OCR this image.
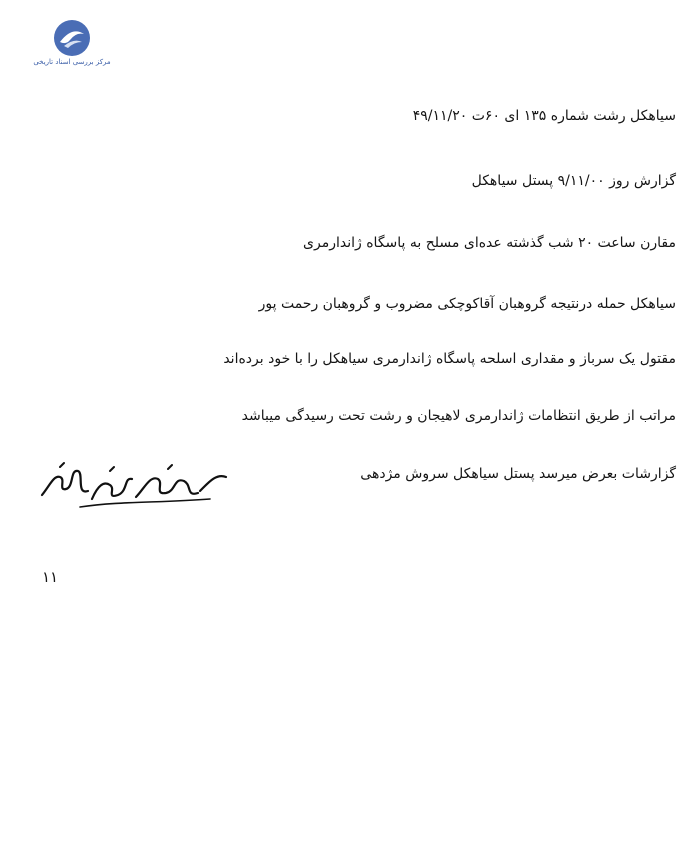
مرکز بررسی اسناد تاریخی
سیاهکل رشت شماره ۱۳۵ ای ۶۰ت ۴۹/۱۱/۲۰
گزارش روز ۹/۱۱/۰۰ پستل سیاهکل
مقارن ساعت ۲۰ شب گذشته عده‌ای مسلح به پاسگاه ژاندارمری
سیاهکل حمله درنتیجه گروهبان آقاکوچکی مضروب و گروهبان رحمت پور
مقتول یک سرباز و مقداری اسلحه پاسگاه ژاندارمری سیاهکل را با خود برده‌اند
مراتب از طریق انتظامات ژاندارمری لاهیجان و رشت تحت رسیدگی میباشد
گزارشات بعرض میرسد پستل سیاهکل سروش مژدهی
۱۱
